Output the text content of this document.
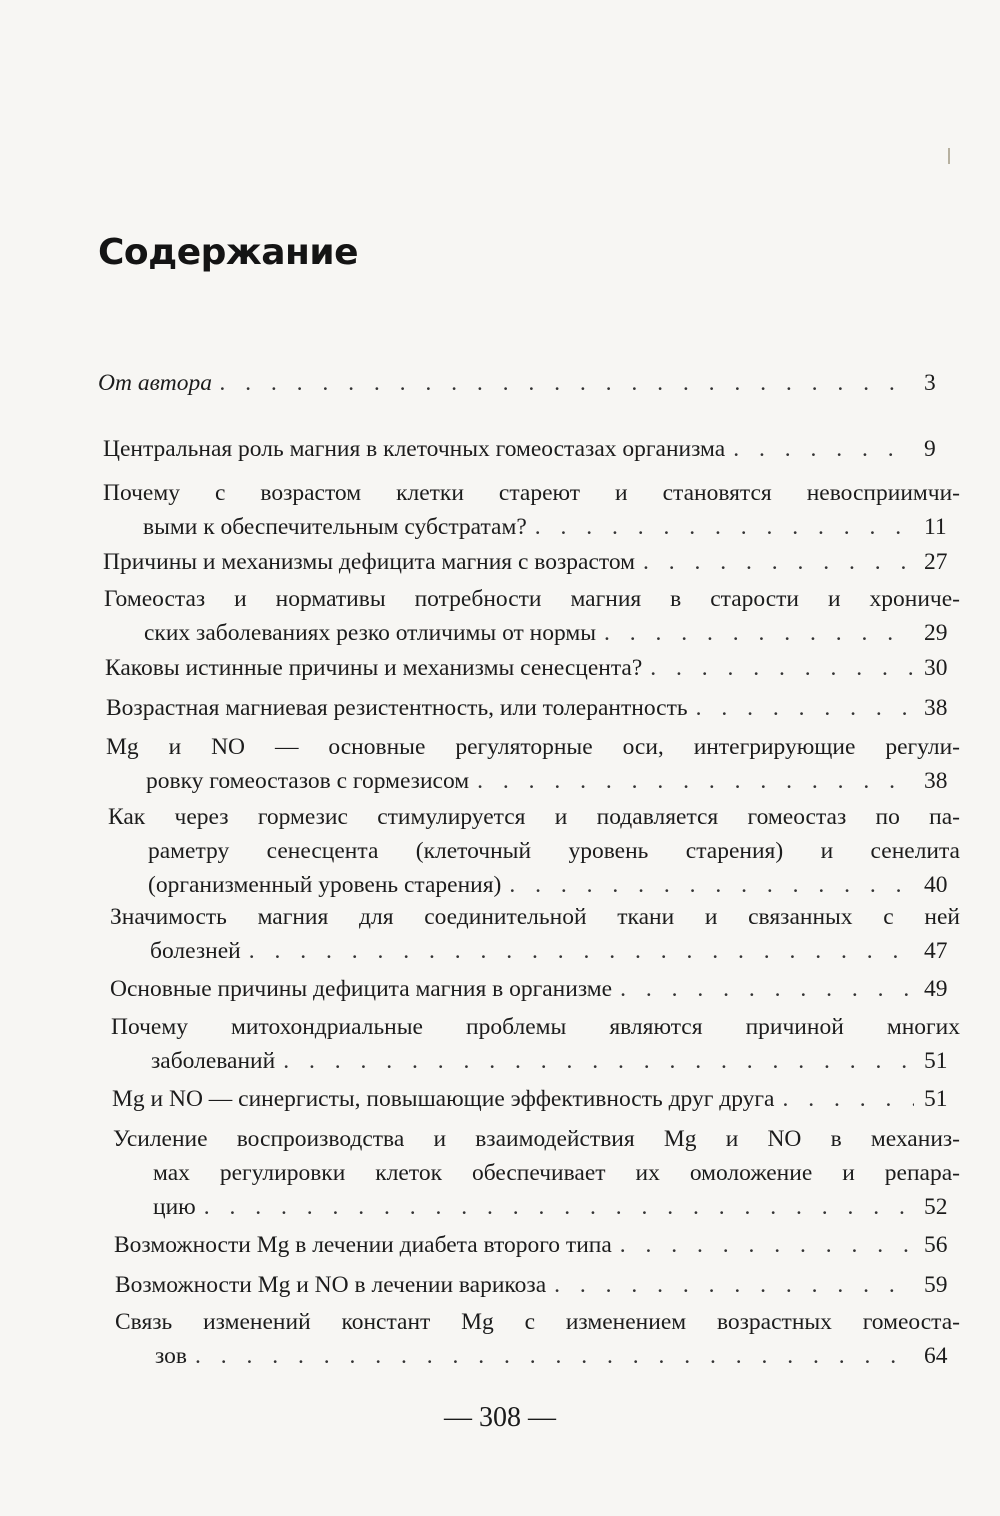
Содержание
От автора . . .	3
Центральная роль магния в клеточных гомеостазах организма . . .	9
Почему с возрастом клетки стареют и становятся невосприимчи-
выми к обеспечительным субстратам? . . .	11
Причины и механизмы дефицита магния с возрастом . . .	27
Гомеостаз и нормативы потребности магния в старости и хрониче-
ских заболеваниях резко отличимы от нормы . . .	29
Каковы истинные причины и механизмы сенесцента? . . .	30
Возрастная магниевая резистентность, или толерантность . . .	38
Mg и NO — основные регуляторные оси, интегрирующие регули-
ровку гомеостазов с гормезисом . . .	38
Как через гормезис стимулируется и подавляется гомеостаз по па-
раметру сенесцента (клеточный уровень старения) и сенелита
(организменный уровень старения) . . .	40
Значимость магния для соединительной ткани и связанных с ней
болезней . . .	47
Основные причины дефицита магния в организме . . .	49
Почему митохондриальные проблемы являются причиной многих
заболеваний . . .	51
Mg и NO — синергисты, повышающие эффективность друг друга . . .	51
Усиление воспроизводства и взаимодействия Mg и NO в механиз-
мах регулировки клеток обеспечивает их омоложение и репара-
цию . . .	52
Возможности Mg в лечении диабета второго типа . . .	56
Возможности Mg и NO в лечении варикоза . . .	59
Связь изменений констант Mg с изменением возрастных гомеоста-
зов . . .	64
— 308 —
